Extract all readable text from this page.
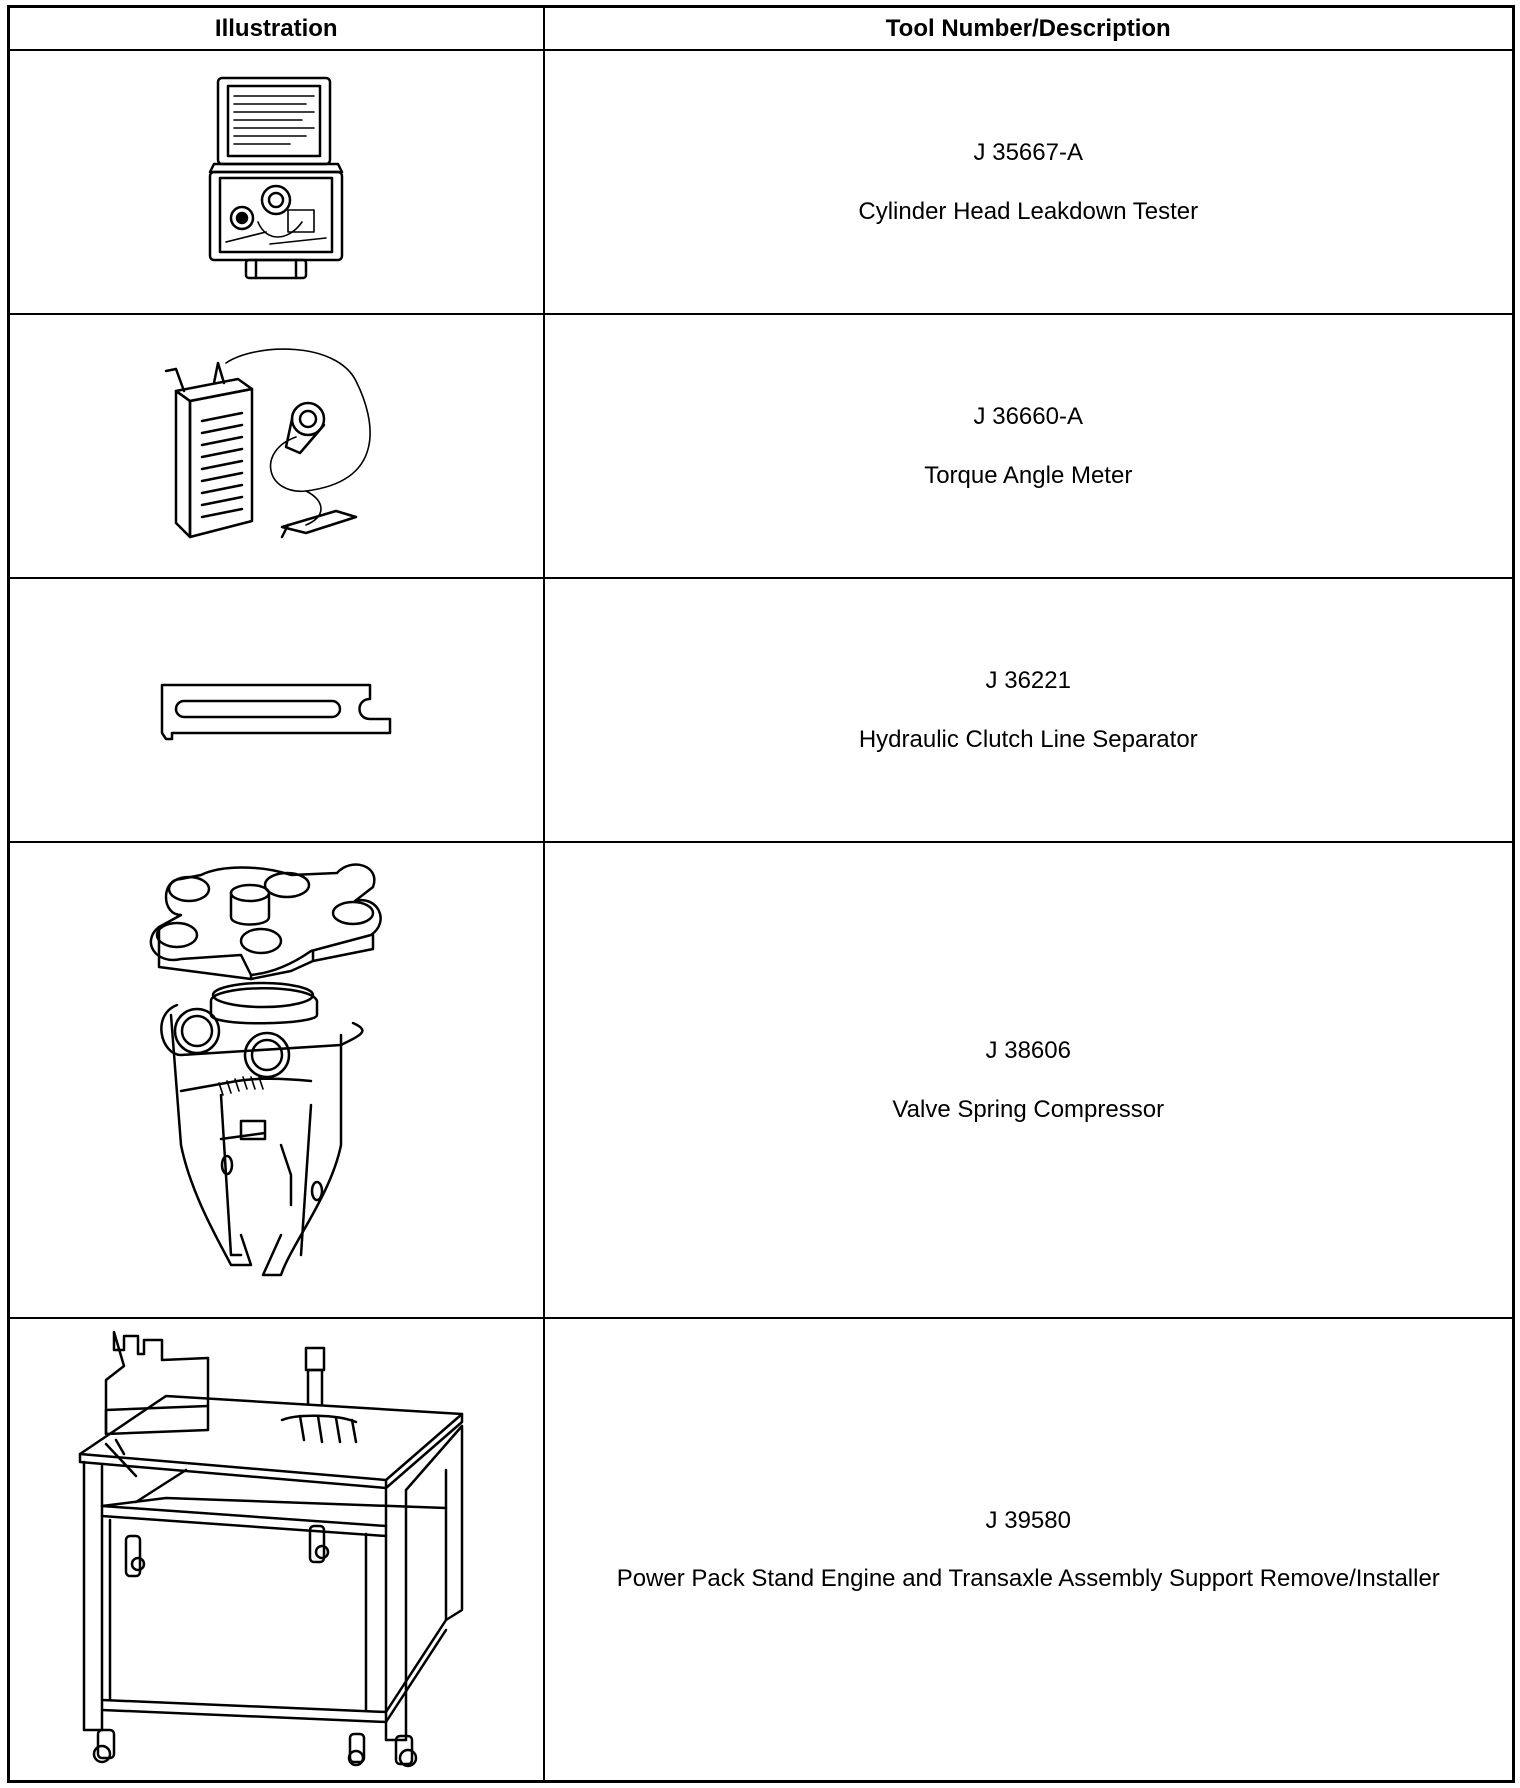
Illustration	Tool Number/Description

J 35667-A
Cylinder Head Leakdown Tester

J 36660-A
Torque Angle Meter

J 36221
Hydraulic Clutch Line Separator

J 38606
Valve Spring Compressor

J 39580
Power Pack Stand Engine and Transaxle Assembly Support Remove/Installer
